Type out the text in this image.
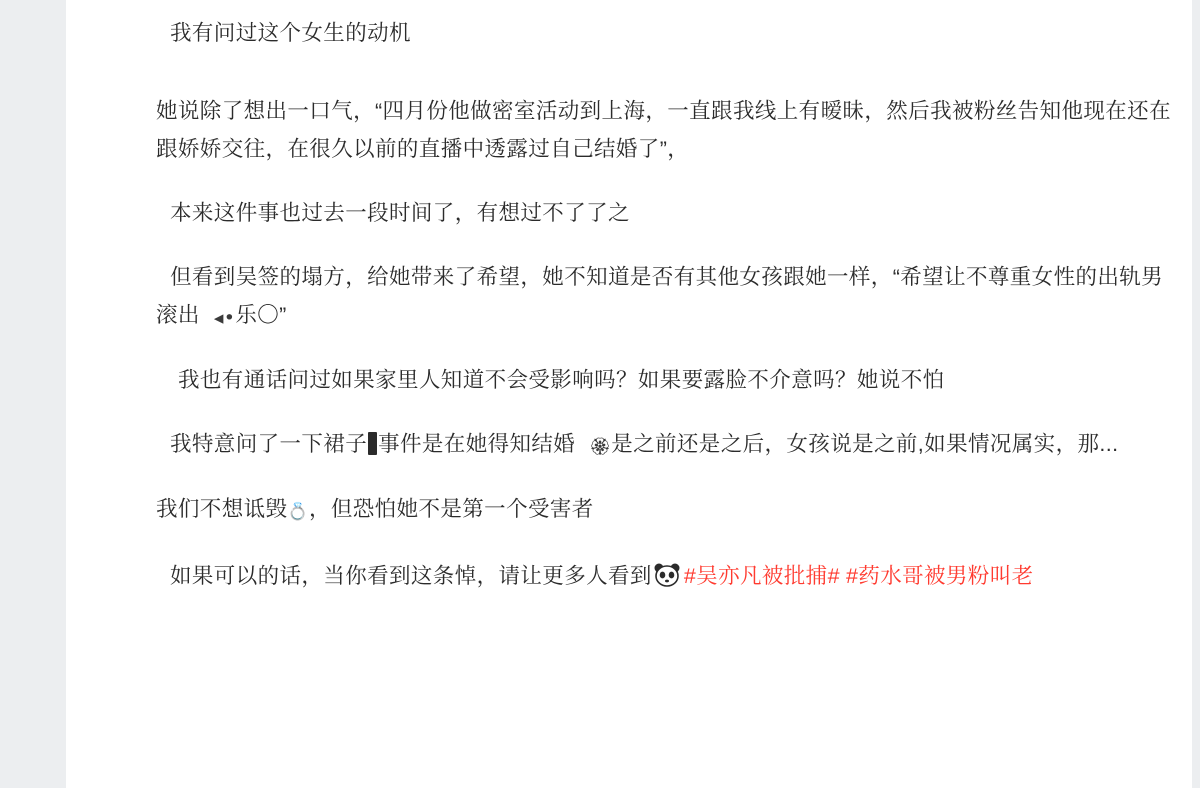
我有问过这个女生的动机

她说除了想出一口气，“四月份他做密室活动到上海，一直跟我线上有暧昧，然后我被粉丝告知他现在还在跟娇娇交往，在很久以前的直播中透露过自己结婚了”，

本来这件事也过去一段时间了，有想过不了了之

但看到吴签的塌方，给她带来了希望，她不知道是否有其他女孩跟她一样，“希望让不尊重女性的出轨男滚出 ◂•乐〇”

我也有通话问过如果家里人知道不会受影响吗？如果要露脸不介意吗？她说不怕

我特意问了一下裙子 事件是在她得知结婚 🏵是之前还是之后，女孩说是之前,如果情况属实，那...

我们不想诋毁💍，但恐怕她不是第一个受害者

如果可以的话，当你看到这条悼，请让更多人看到 #吴亦凡被批捕# #药水哥被男粉叫老
